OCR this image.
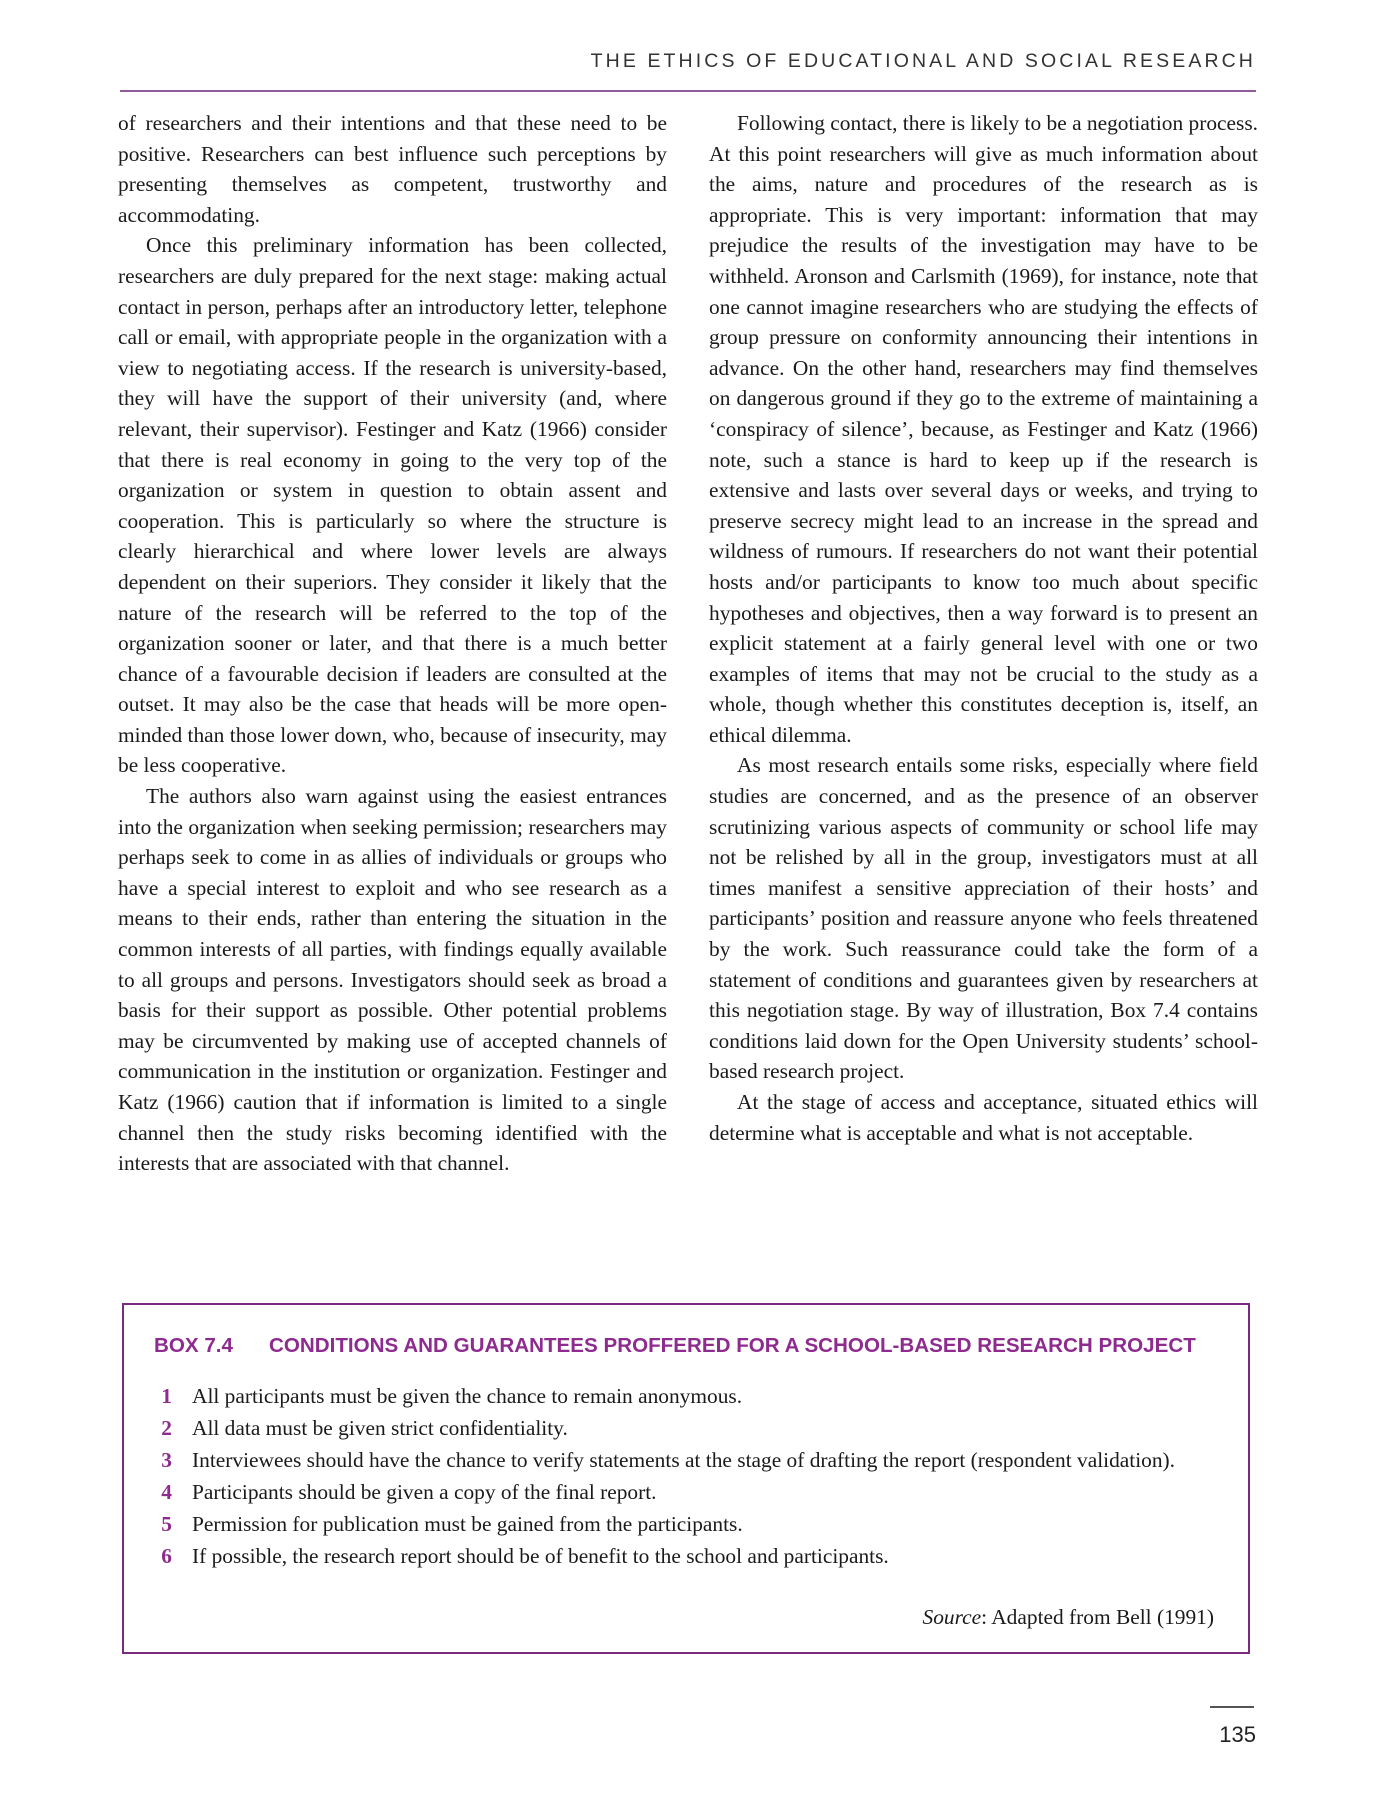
THE ETHICS OF EDUCATIONAL AND SOCIAL RESEARCH

of researchers and their intentions and that these need to be positive. Researchers can best influence such perceptions by presenting themselves as competent, trustworthy and accommodating.

Once this preliminary information has been collected, researchers are duly prepared for the next stage: making actual contact in person, perhaps after an introductory letter, telephone call or email, with appropriate people in the organization with a view to negotiating access. If the research is university-based, they will have the support of their university (and, where relevant, their supervisor). Festinger and Katz (1966) consider that there is real economy in going to the very top of the organization or system in question to obtain assent and cooperation. This is particularly so where the structure is clearly hierarchical and where lower levels are always dependent on their superiors. They consider it likely that the nature of the research will be referred to the top of the organization sooner or later, and that there is a much better chance of a favourable decision if leaders are consulted at the outset. It may also be the case that heads will be more open-minded than those lower down, who, because of insecurity, may be less cooperative.

The authors also warn against using the easiest entrances into the organization when seeking permission; researchers may perhaps seek to come in as allies of individuals or groups who have a special interest to exploit and who see research as a means to their ends, rather than entering the situation in the common interests of all parties, with findings equally available to all groups and persons. Investigators should seek as broad a basis for their support as possible. Other potential problems may be circumvented by making use of accepted channels of communication in the institution or organization. Festinger and Katz (1966) caution that if information is limited to a single channel then the study risks becoming identified with the interests that are associated with that channel.

Following contact, there is likely to be a negotiation process. At this point researchers will give as much information about the aims, nature and procedures of the research as is appropriate. This is very important: information that may prejudice the results of the investigation may have to be withheld. Aronson and Carlsmith (1969), for instance, note that one cannot imagine researchers who are studying the effects of group pressure on conformity announcing their intentions in advance. On the other hand, researchers may find themselves on dangerous ground if they go to the extreme of maintaining a ‘conspiracy of silence’, because, as Festinger and Katz (1966) note, such a stance is hard to keep up if the research is extensive and lasts over several days or weeks, and trying to preserve secrecy might lead to an increase in the spread and wildness of rumours. If researchers do not want their potential hosts and/or participants to know too much about specific hypotheses and objectives, then a way forward is to present an explicit statement at a fairly general level with one or two examples of items that may not be crucial to the study as a whole, though whether this constitutes deception is, itself, an ethical dilemma.

As most research entails some risks, especially where field studies are concerned, and as the presence of an observer scrutinizing various aspects of community or school life may not be relished by all in the group, investigators must at all times manifest a sensitive appreciation of their hosts’ and participants’ position and reassure anyone who feels threatened by the work. Such reassurance could take the form of a statement of conditions and guarantees given by researchers at this negotiation stage. By way of illustration, Box 7.4 contains conditions laid down for the Open University students’ school-based research project.

At the stage of access and acceptance, situated ethics will determine what is acceptable and what is not acceptable.

BOX 7.4	CONDITIONS AND GUARANTEES PROFFERED FOR A SCHOOL-BASED RESEARCH PROJECT
1 All participants must be given the chance to remain anonymous.
2 All data must be given strict confidentiality.
3 Interviewees should have the chance to verify statements at the stage of drafting the report (respondent validation).
4 Participants should be given a copy of the final report.
5 Permission for publication must be gained from the participants.
6 If possible, the research report should be of benefit to the school and participants.
Source: Adapted from Bell (1991)
135
